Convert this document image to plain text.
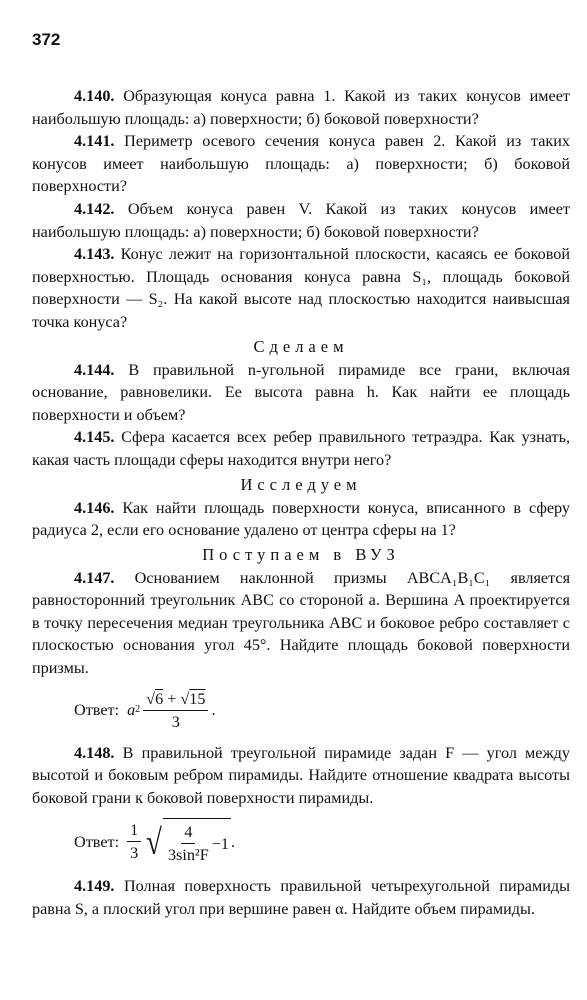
372

4.140. Образующая конуса равна 1. Какой из таких конусов имеет наибольшую площадь: а) поверхности; б) боковой поверхности?

4.141. Периметр осевого сечения конуса равен 2. Какой из таких конусов имеет наибольшую площадь: а) поверхности; б) боковой поверхности?

4.142. Объем конуса равен V. Какой из таких конусов имеет наибольшую площадь: а) поверхности; б) боковой поверхности?

4.143. Конус лежит на горизонтальной плоскости, касаясь ее боковой поверхностью. Площадь основания конуса равна S₁, площадь боковой поверхности — S₂. На какой высоте над плоскостью находится наивысшая точка конуса?

Сделаем

4.144. В правильной n-угольной пирамиде все грани, включая основание, равновелики. Ее высота равна h. Как найти ее площадь поверхности и объем?

4.145. Сфера касается всех ребер правильного тетраэдра. Как узнать, какая часть площади сферы находится внутри него?

Исследуем

4.146. Как найти площадь поверхности конуса, вписанного в сферу радиуса 2, если его основание удалено от центра сферы на 1?

Поступаем в ВУЗ

4.147. Основанием наклонной призмы ABCA₁B₁C₁ является равносторонний треугольник ABC со стороной a. Вершина A проектируется в точку пересечения медиан треугольника ABC и боковое ребро составляет с плоскостью основания угол 45°. Найдите площадь боковой поверхности призмы.

Ответ: a $2 \frac{√6 + √15}{3}$ .

4.148. В правильной треугольной пирамиде задан F — угол между высотой и боковым ребром пирамиды. Найдите отношение квадрата высоты боковой грани к боковой поверхности пирамиды.

Ответ: $\frac{1}{3}$ √ $\frac{4}{\text{3sin²F}} -1$ .

4.149. Полная поверхность правильной четырехугольной пирамиды равна S, а плоский угол при вершине равен α. Найдите объем пирамиды.
